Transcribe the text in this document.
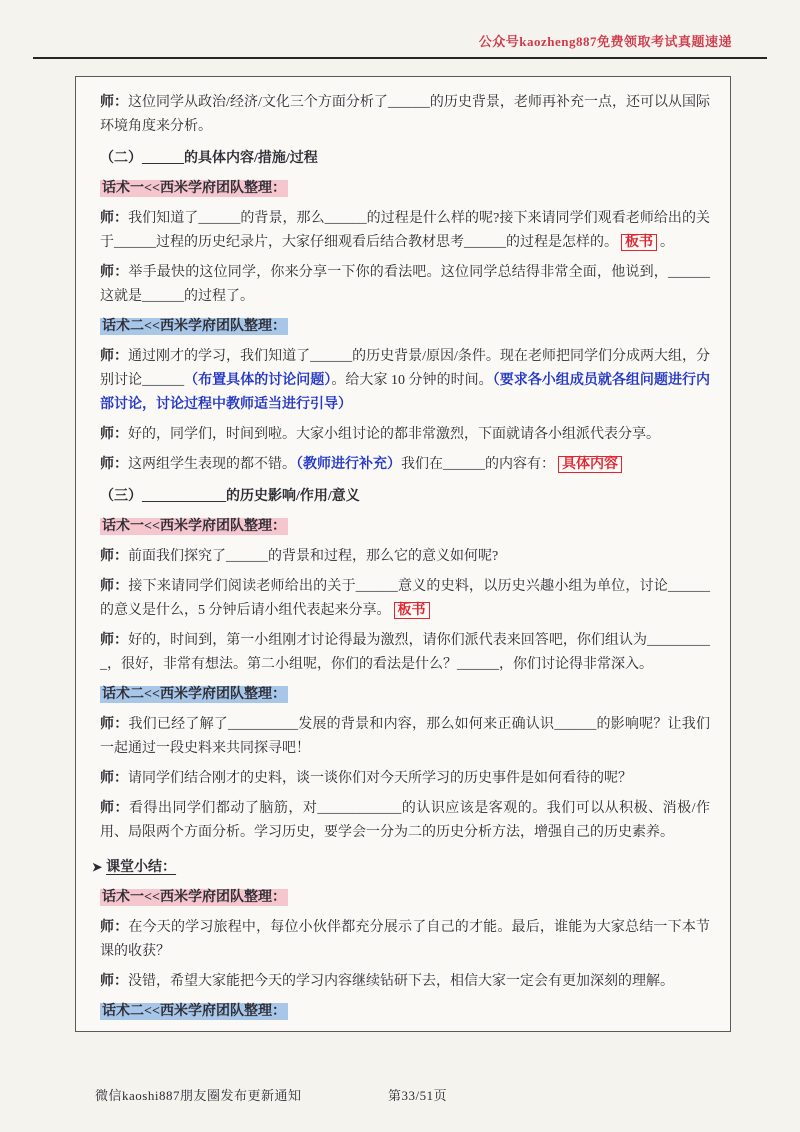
公众号kaozheng887免费领取考试真题速递

师：这位同学从政治/经济/文化三个方面分析了______的历史背景，老师再补充一点，还可以从国际环境角度来分析。

（二）______的具体内容/措施/过程

话术一<<西米学府团队整理：

师：我们知道了______的背景，那么______的过程是什么样的呢?接下来请同学们观看老师给出的关于______过程的历史纪录片，大家仔细观看后结合教材思考______的过程是怎样的。 板书 。

师：举手最快的这位同学，你来分享一下你的看法吧。这位同学总结得非常全面，他说到，______这就是______的过程了。

话术二<<西米学府团队整理：

师：通过刚才的学习，我们知道了______的历史背景/原因/条件。现在老师把同学们分成两大组，分别讨论______（布置具体的讨论问题）。给大家 10 分钟的时间。（要求各小组成员就各组问题进行内部讨论，讨论过程中教师适当进行引导）

师：好的，同学们，时间到啦。大家小组讨论的都非常激烈，下面就请各小组派代表分享。

师：这两组学生表现的都不错。（教师进行补充）我们在______的内容有： 具体内容

（三）____________的历史影响/作用/意义

话术一<<西米学府团队整理：

师：前面我们探究了______的背景和过程，那么它的意义如何呢?

师：接下来请同学们阅读老师给出的关于______意义的史料，以历史兴趣小组为单位，讨论______的意义是什么，5 分钟后请小组代表起来分享。 板书

师：好的，时间到，第一小组刚才讨论得最为激烈，请你们派代表来回答吧，你们组认为__________，很好，非常有想法。第二小组呢，你们的看法是什么？______，你们讨论得非常深入。

话术二<<西米学府团队整理：

师：我们已经了解了__________发展的背景和内容，那么如何来正确认识______的影响呢？让我们一起通过一段史料来共同探寻吧！

师：请同学们结合刚才的史料，谈一谈你们对今天所学习的历史事件是如何看待的呢？

师：看得出同学们都动了脑筋，对____________的认识应该是客观的。我们可以从积极、消极/作用、局限两个方面分析。学习历史，要学会一分为二的历史分析方法，增强自己的历史素养。

➤ 课堂小结：

话术一<<西米学府团队整理：

师：在今天的学习旅程中，每位小伙伴都充分展示了自己的才能。最后，谁能为大家总结一下本节课的收获？

师：没错，希望大家能把今天的学习内容继续钻研下去，相信大家一定会有更加深刻的理解。

话术二<<西米学府团队整理：

微信kaoshi887朋友圈发布更新通知	第33/51页
